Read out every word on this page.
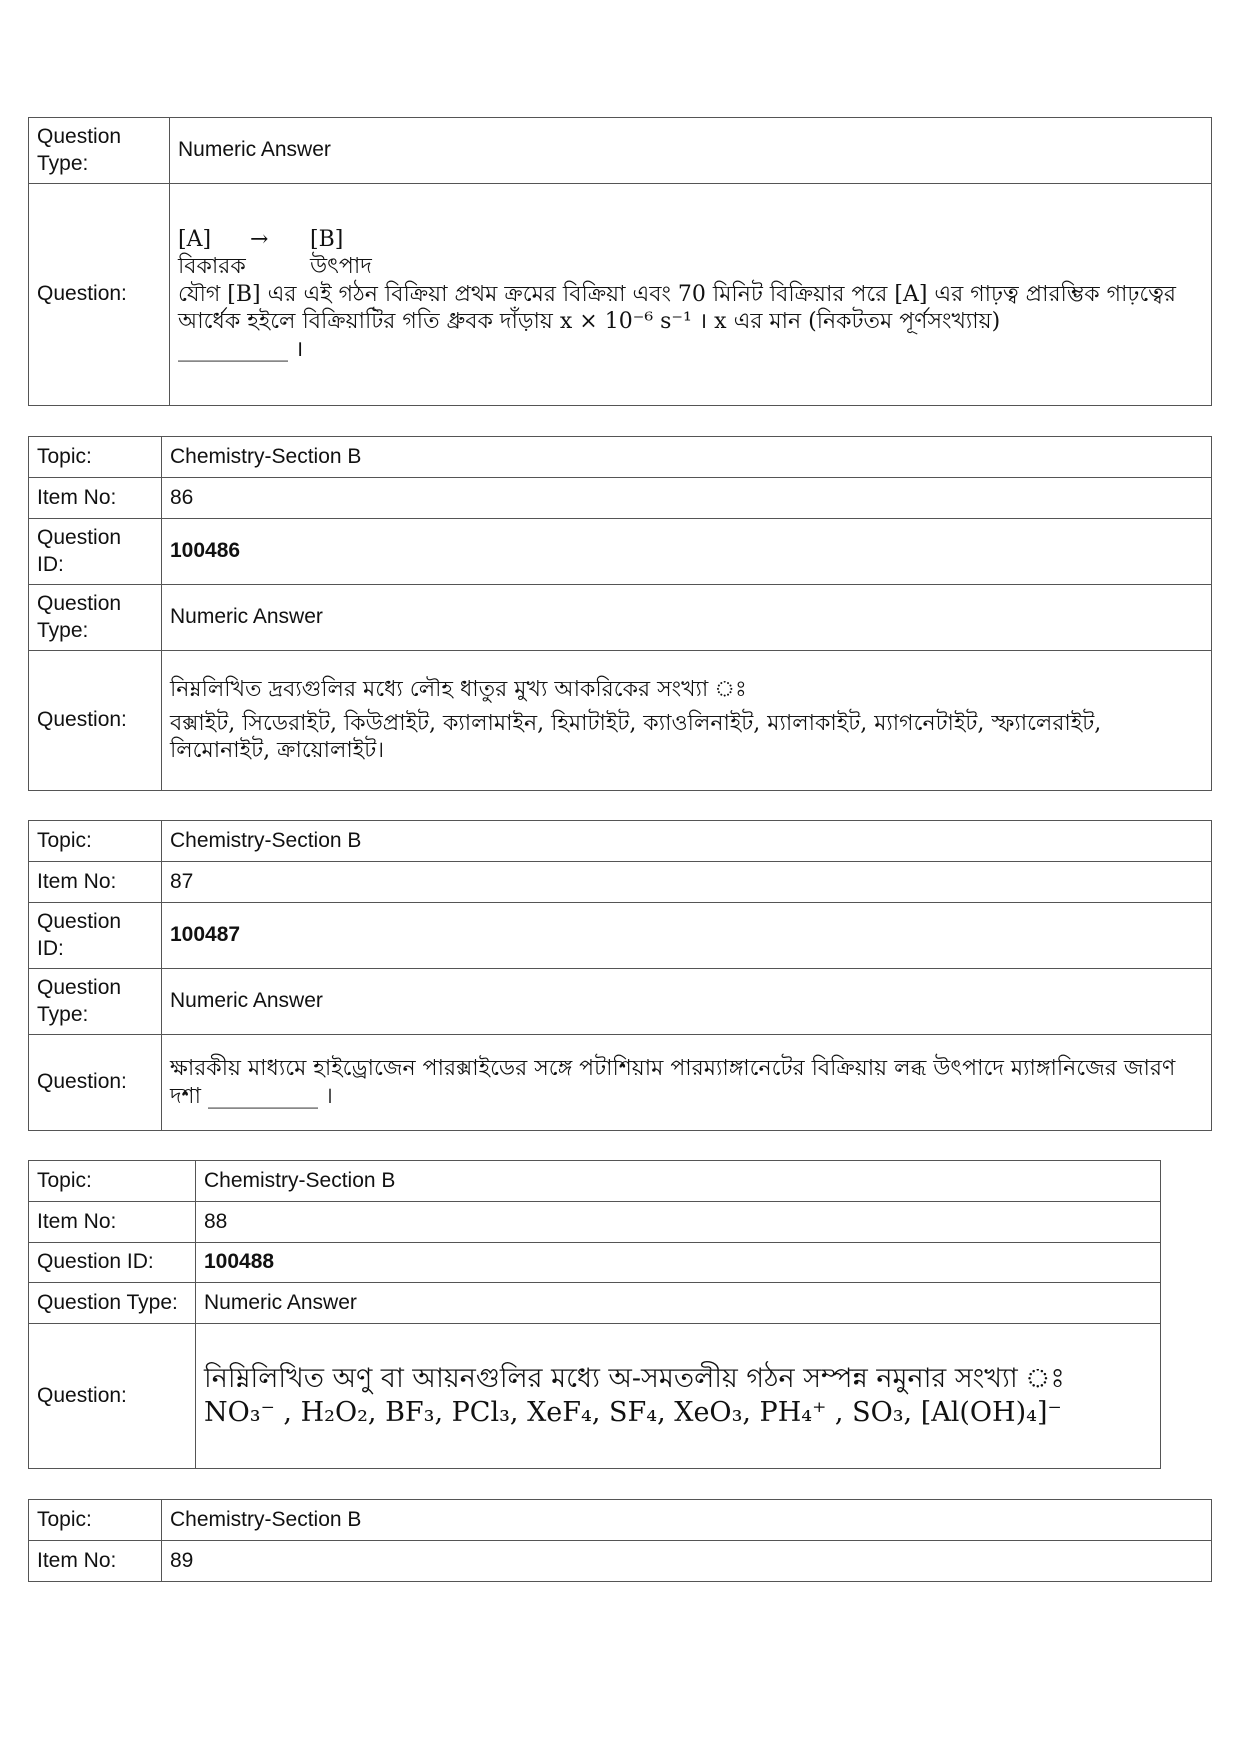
Question
Type:	Numeric Answer
Question:	[A] → [B]
বিকারক উৎপাদ
যৌগ [B] এর এই গঠন বিক্রিয়া প্রথম ক্রমের বিক্রিয়া এবং 70 মিনিট বিক্রিয়ার পরে [A] এর গাঢ়ত্ব প্রারম্ভিক গাঢ়ত্বের আর্ধেক হইলে বিক্রিয়াটির গতি ধ্রুবক দাঁড়ায় x × 10⁻⁶ s⁻¹ । x এর মান (নিকটতম পূর্ণসংখ্যায়)
__________ ।
Topic:	Chemistry-Section B
Item No:	86
Question
ID:	100486
Question
Type:	Numeric Answer
Question:	নিম্নলিখিত দ্রব্যগুলির মধ্যে লৌহ ধাতুর মুখ্য আকরিকের সংখ্যা ঃ
বক্সাইট, সিডেরাইট, কিউপ্রাইট, ক্যালামাইন, হিমাটাইট, ক্যাওলিনাইট, ম্যালাকাইট, ম্যাগনেটাইট, স্ফ্যালেরাইট, লিমোনাইট, ক্রায়োলাইট।
Topic:	Chemistry-Section B
Item No:	87
Question
ID:	100487
Question
Type:	Numeric Answer
Question:	ক্ষারকীয় মাধ্যমে হাইড্রোজেন পারক্সাইডের সঙ্গে পটাশিয়াম পারম্যাঙ্গানেটের বিক্রিয়ায় লব্ধ উৎপাদে ম্যাঙ্গানিজের জারণ দশা __________ ।
Topic:	Chemistry-Section B
Item No:	88
Question ID:	100488
Question Type:	Numeric Answer
Question:	নিম্নিলিখিত অণু বা আয়নগুলির মধ্যে অ-সমতলীয় গঠন সম্পন্ন নমুনার সংখ্যা ঃ
NO₃⁻ , H₂O₂, BF₃, PCl₃, XeF₄, SF₄, XeO₃, PH₄⁺ , SO₃, [Al(OH)₄]⁻
Topic:	Chemistry-Section B
Item No:	89
